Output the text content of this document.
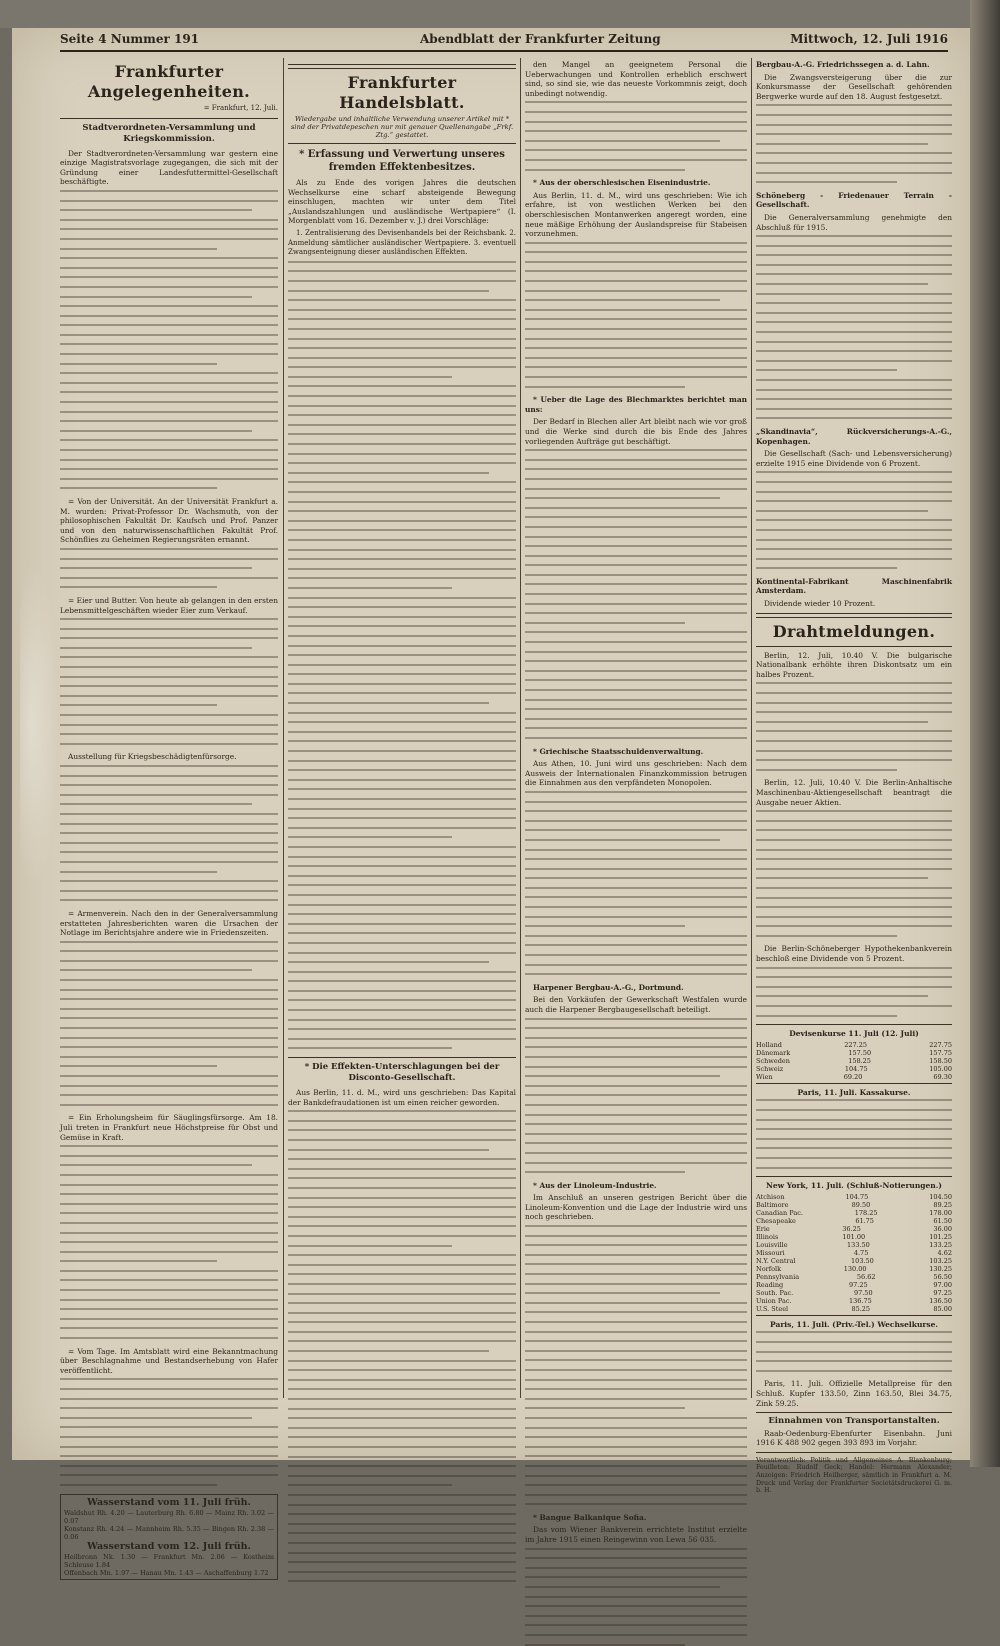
Seite 4 Nummer 191	Abendblatt der Frankfurter Zeitung	Mittwoch, 12. Juli 1916
Frankfurter Angelegenheiten.
= Frankfurt, 12. Juli.
Stadtverordneten-Versammlung und Kriegskommission.

Der Stadtverordneten-Versammlung war gestern eine einzige Magistratsvorlage zugegangen, die sich mit der Gründung einer Landesfuttermittel-Gesellschaft beschäftigte.

= Von der Universität. An der Universität Frankfurt a. M. wurden: Privat-Professor Dr. Wachsmuth, von der philosophischen Fakultät Dr. Kaufsch und Prof. Panzer und von den naturwissenschaftlichen Fakultät Prof. Schönflies zu Geheimen Regierungsräten ernannt.

= Eier und Butter. Von heute ab gelangen in den ersten Lebensmittelgeschäften wieder Eier zum Verkauf.

Ausstellung für Kriegsbeschädigtenfürsorge.

= Armenverein. Nach den in der Generalversammlung erstatteten Jahresberichten waren die Ursachen der Notlage im Berichtsjahre andere wie in Friedenszeiten.

= Ein Erholungsheim für Säuglingsfürsorge. Am 18. Juli treten in Frankfurt neue Höchstpreise für Obst und Gemüse in Kraft.

= Vom Tage. Im Amtsblatt wird eine Bekanntmachung über Beschlagnahme und Bestandserhebung von Hafer veröffentlicht.

Wasserstand vom 11. Juli früh.
Waldshut Rh. 4.20 — Lauterburg Rh. 6.80 — Mainz Rh. 3.02 — 0.07
Konstanz Rh. 4.24 — Mannheim Rh. 5.35 — Bingen Rh. 2.38 — 0.06
Wasserstand vom 12. Juli früh.
Heilbronn Nk. 1.30 — Frankfurt Mn. 2.06 — Kostheim Schleuse 1.84
Offenbach Mn. 1.97 — Hanau Mn. 1.43 — Aschaffenburg 1.72
Frankfurter Handelsblatt.
Wiedergabe und inhaltliche Verwendung unserer Artikel mit * sind der Privatdepeschen nur mit genauer Quellenangabe „Frkf. Ztg.“ gestattet.
* Erfassung und Verwertung unseres fremden Effektenbesitzes.

Als zu Ende des vorigen Jahres die deutschen Wechselkurse eine scharf absteigende Bewegung einschlugen, machten wir unter dem Titel „Auslandszahlungen und ausländische Wertpapiere“ (I. Morgenblatt vom 16. Dezember v. J.) drei Vorschläge:

1. Zentralisierung des Devisenhandels bei der Reichsbank. 2. Anmeldung sämtlicher ausländischer Wertpapiere. 3. eventuell Zwangsenteignung dieser ausländischen Effekten.

* Die Effekten-Unterschlagungen bei der Disconto-Gesellschaft.

Aus Berlin, 11. d. M., wird uns geschrieben: Das Kapital der Bankdefraudationen ist um einen reicher geworden.

den Mangel an geeignetem Personal die Ueberwachungen und Kontrollen erheblich erschwert sind, so sind sie, wie das neueste Vorkommnis zeigt, doch unbedingt notwendig.

* Aus der oberschlesischen Eisenindustrie.

Aus Berlin, 11. d. M., wird uns geschrieben: Wie ich erfahre, ist von westlichen Werken bei den oberschlesischen Montanwerken angeregt worden, eine neue mäßige Erhöhung der Auslandspreise für Stabeisen vorzunehmen.

* Ueber die Lage des Blechmarktes berichtet man uns:

Der Bedarf in Blechen aller Art bleibt nach wie vor groß und die Werke sind durch die bis Ende des Jahres vorliegenden Aufträge gut beschäftigt.

* Griechische Staatsschuldenverwaltung.

Aus Athen, 10. Juni wird uns geschrieben: Nach dem Ausweis der Internationalen Finanzkommission betrugen die Einnahmen aus den verpfändeten Monopolen.

Harpener Bergbau-A.-G., Dortmund.

Bei den Vorkäufen der Gewerkschaft Westfalen wurde auch die Harpener Bergbaugesellschaft beteiligt.

* Aus der Linoleum-Industrie.

Im Anschluß an unseren gestrigen Bericht über die Linoleum-Konvention und die Lage der Industrie wird uns noch geschrieben.

* Bangue Balkanique Sofia.

Das vom Wiener Bankverein errichtete Institut erzielte im Jahre 1915 einen Reingewinn von Lewa 56 035.

Bergbau-A.-G. Friedrichssegen a. d. Lahn.

Die Zwangsversteigerung über die zur Konkursmasse der Gesellschaft gehörenden Bergwerke wurde auf den 18. August festgesetzt.

Schöneberg - Friedenauer Terrain - Gesellschaft.

Die Generalversammlung genehmigte den Abschluß für 1915.

„Skandinavia“, Rückversicherungs-A.-G., Kopenhagen.

Die Gesellschaft (Sach- und Lebensversicherung) erzielte 1915 eine Dividende von 6 Prozent.

Kontinental-Fabrikant Maschinenfabrik Amsterdam.

Dividende wieder 10 Prozent.

Drahtmeldungen.

Berlin, 12. Juli, 10.40 V. Die bulgarische Nationalbank erhöhte ihren Diskontsatz um ein halbes Prozent.

Berlin, 12. Juli, 10.40 V. Die Berlin-Anhaltische Maschinenbau-Aktiengesellschaft beantragt die Ausgabe neuer Aktien.

Die Berlin-Schöneberger Hypothekenbankverein beschloß eine Dividende von 5 Prozent.

Devisenkurse 11. Juli (12. Juli)
Holland	227.25	227.75
Dänemark	157.50	157.75
Schweden	158.25	158.50
Schweiz	104.75	105.00
Wien	69.20	69.30
Paris, 11. Juli. Kassakurse.
New York, 11. Juli. (Schluß-Notierungen.)
Atchison	104.75	104.50
Baltimore	89.50	89.25
Canadian Pac.	178.25	178.00
Chesapeake	61.75	61.50
Erie	36.25	36.00
Illinois	101.00	101.25
Louisville	133.50	133.25
Missouri	4.75	4.62
N.Y. Central	103.50	103.25
Norfolk	130.00	130.25
Pennsylvania	56.62	56.50
Reading	97.25	97.00
South. Pac.	97.50	97.25
Union Pac.	136.75	136.50
U.S. Steel	85.25	85.00
Paris, 11. Juli. (Priv.-Tel.) Wechselkurse.

Paris, 11. Juli. Offizielle Metallpreise für den Schluß. Kupfer 133.50, Zinn 163.50, Blei 34.75, Zink 59.25.

Einnahmen von Transportanstalten.

Raab-Oedenburg-Ebenfurter Eisenbahn. Juni 1916 K 488 902 gegen 393 893 im Vorjahr.

Verantwortlich: Politik und Allgemeines A. Blankenburg; Feuilleton: Rudolf Geck; Handel: Hermann Alexander; Anzeigen: Friedrich Heilberger, sämtlich in Frankfurt a. M. Druck und Verlag der Frankfurter Societätsdruckerei G. m. b. H.
